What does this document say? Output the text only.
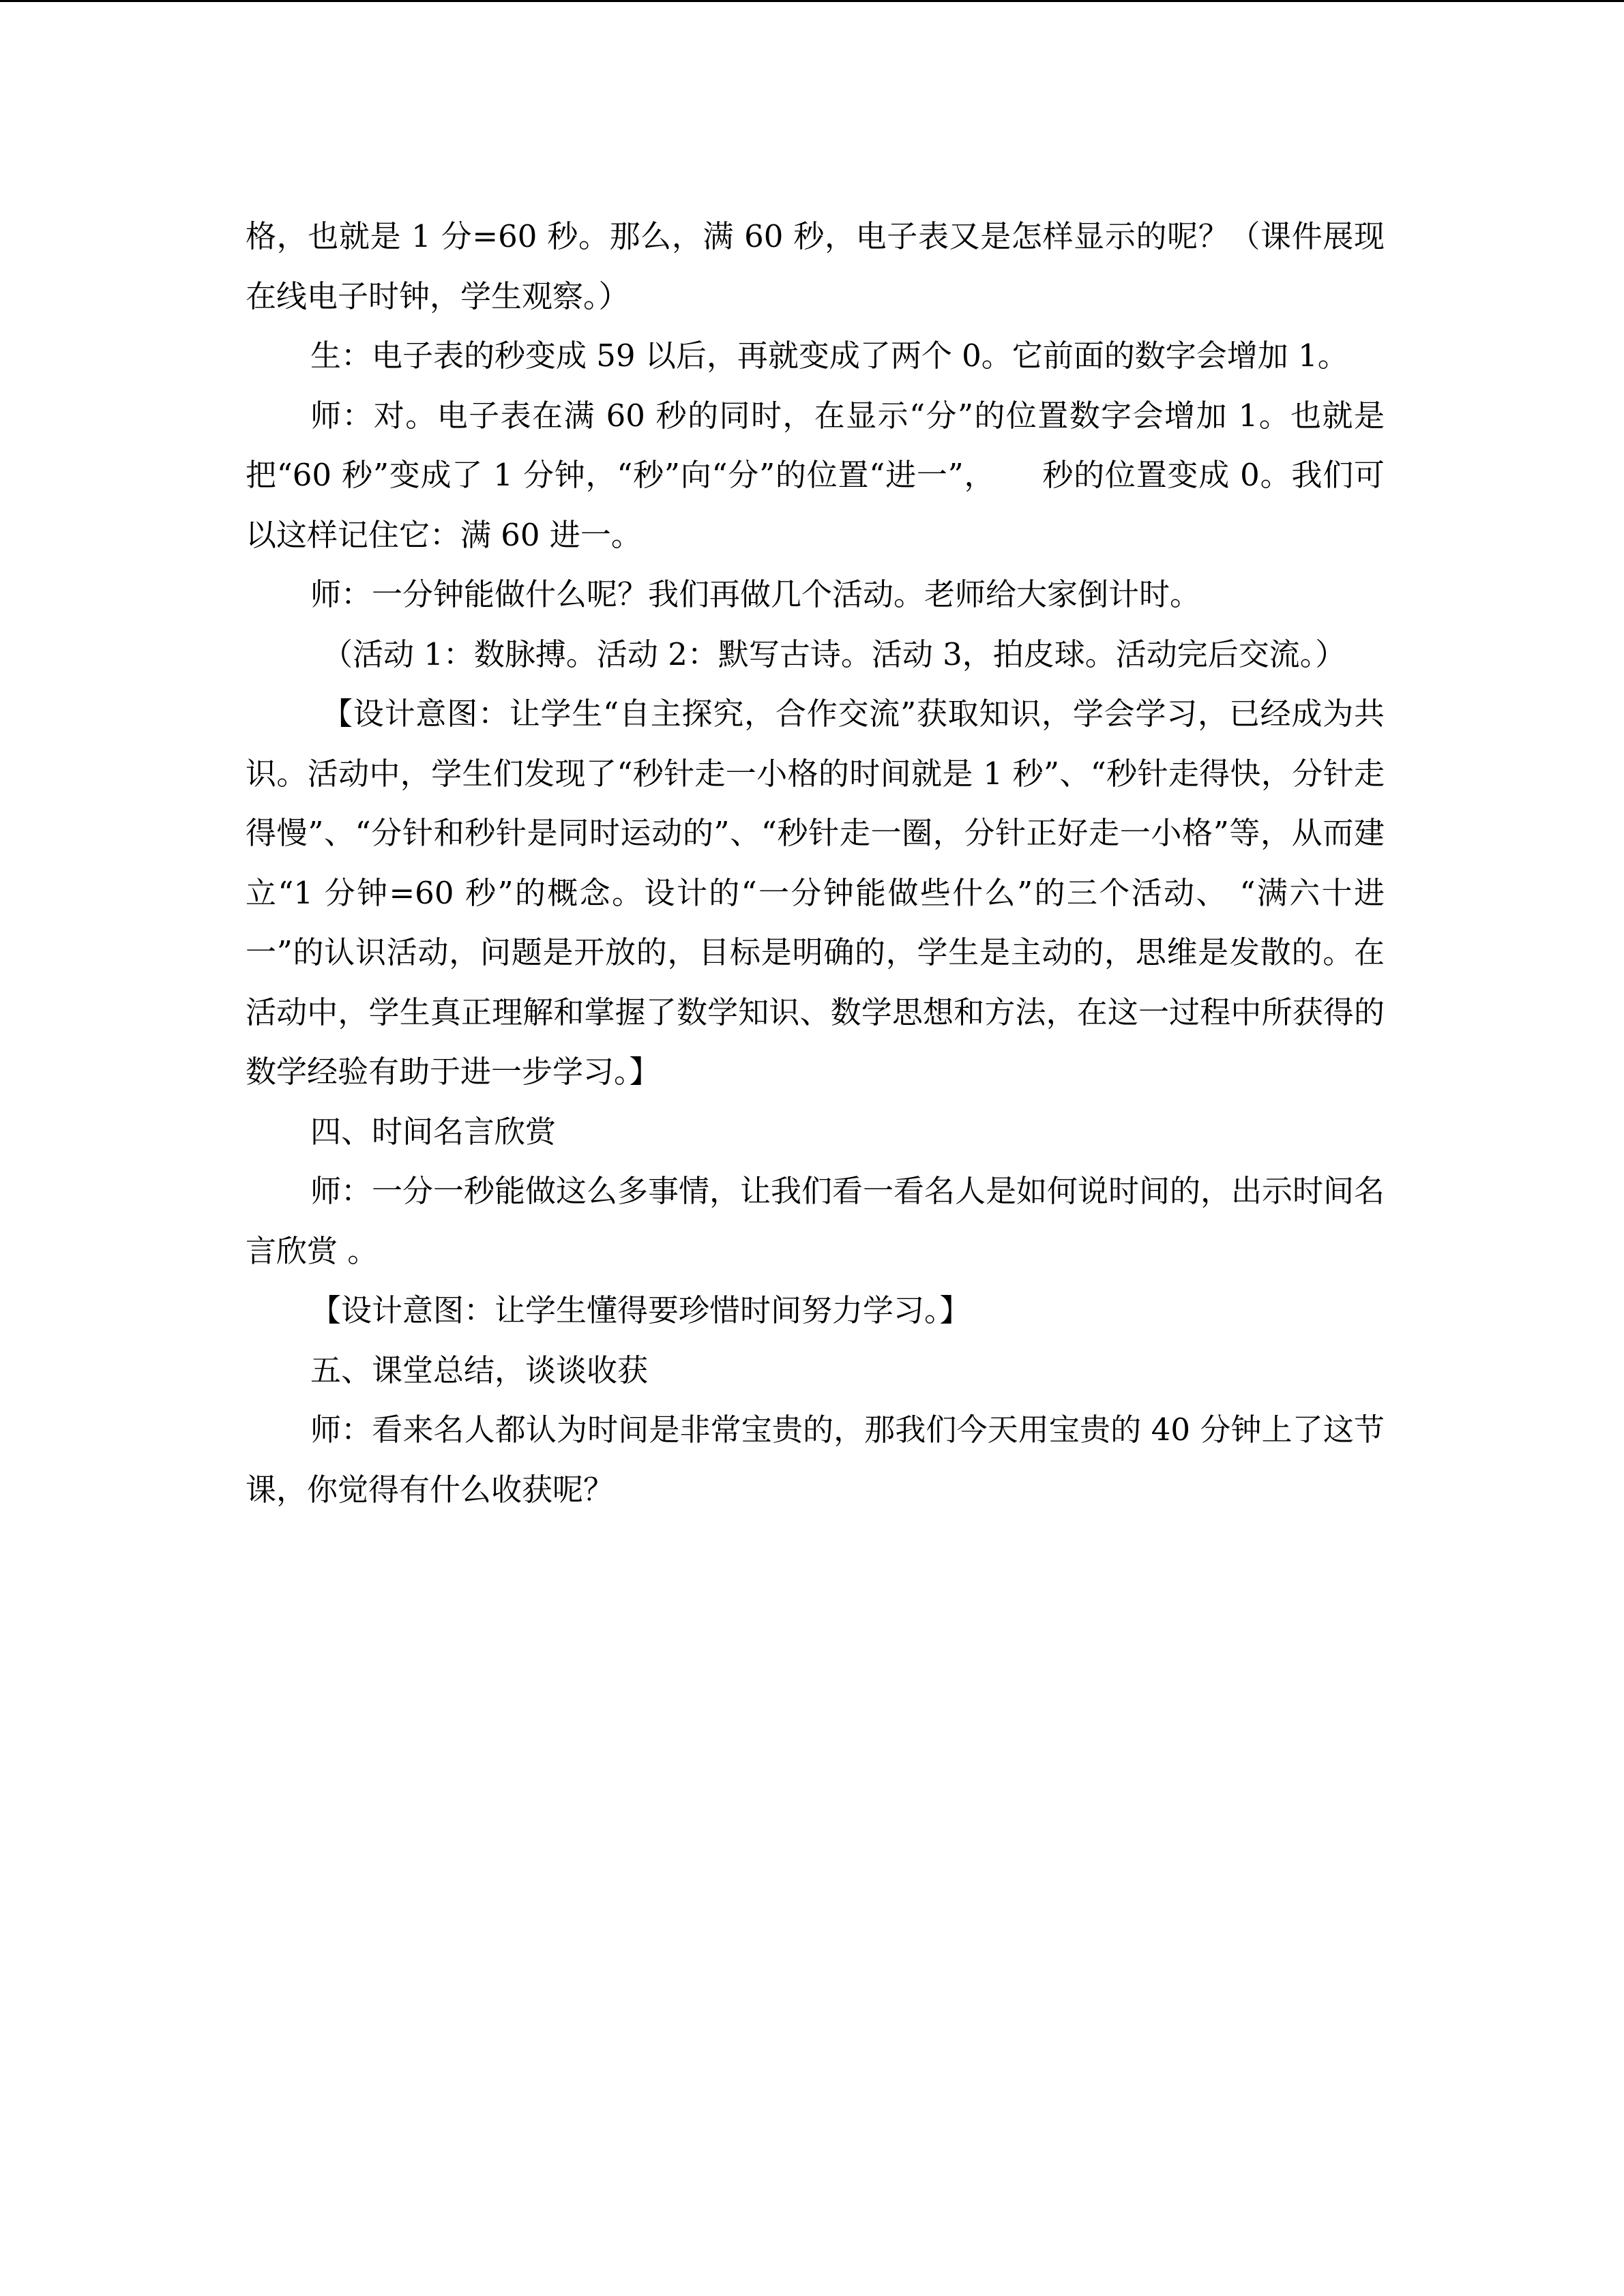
格，也就是 1 分=60 秒。那么，满 60 秒，电子表又是怎样显示的呢？（课件展现在线电子时钟，学生观察。）

生：电子表的秒变成 59 以后，再就变成了两个 0。它前面的数字会增加 1。

师：对。电子表在满 60 秒的同时，在显示“分”的位置数字会增加 1。也就是把“60 秒”变成了 1 分钟，“秒”向“分”的位置“进一”，　　秒的位置变成 0。我们可以这样记住它：满 60 进一。

师：一分钟能做什么呢？我们再做几个活动。老师给大家倒计时。

（活动 1：数脉搏。活动 2：默写古诗。活动 3，拍皮球。活动完后交流。）

【设计意图：让学生“自主探究，合作交流”获取知识，学会学习，已经成为共识。活动中，学生们发现了“秒针走一小格的时间就是 1 秒”、“秒针走得快，分针走得慢”、“分针和秒针是同时运动的”、“秒针走一圈，分针正好走一小格”等，从而建立“1 分钟=60 秒”的概念。设计的“一分钟能做些什么”的三个活动、 “满六十进一”的认识活动，问题是开放的，目标是明确的，学生是主动的，思维是发散的。在活动中，学生真正理解和掌握了数学知识、数学思想和方法，在这一过程中所获得的数学经验有助于进一步学习。】

四、时间名言欣赏

师：一分一秒能做这么多事情，让我们看一看名人是如何说时间的，出示时间名言欣赏 。

【设计意图：让学生懂得要珍惜时间努力学习。】

五、课堂总结，谈谈收获

师：看来名人都认为时间是非常宝贵的，那我们今天用宝贵的 40 分钟上了这节课，你觉得有什么收获呢？
